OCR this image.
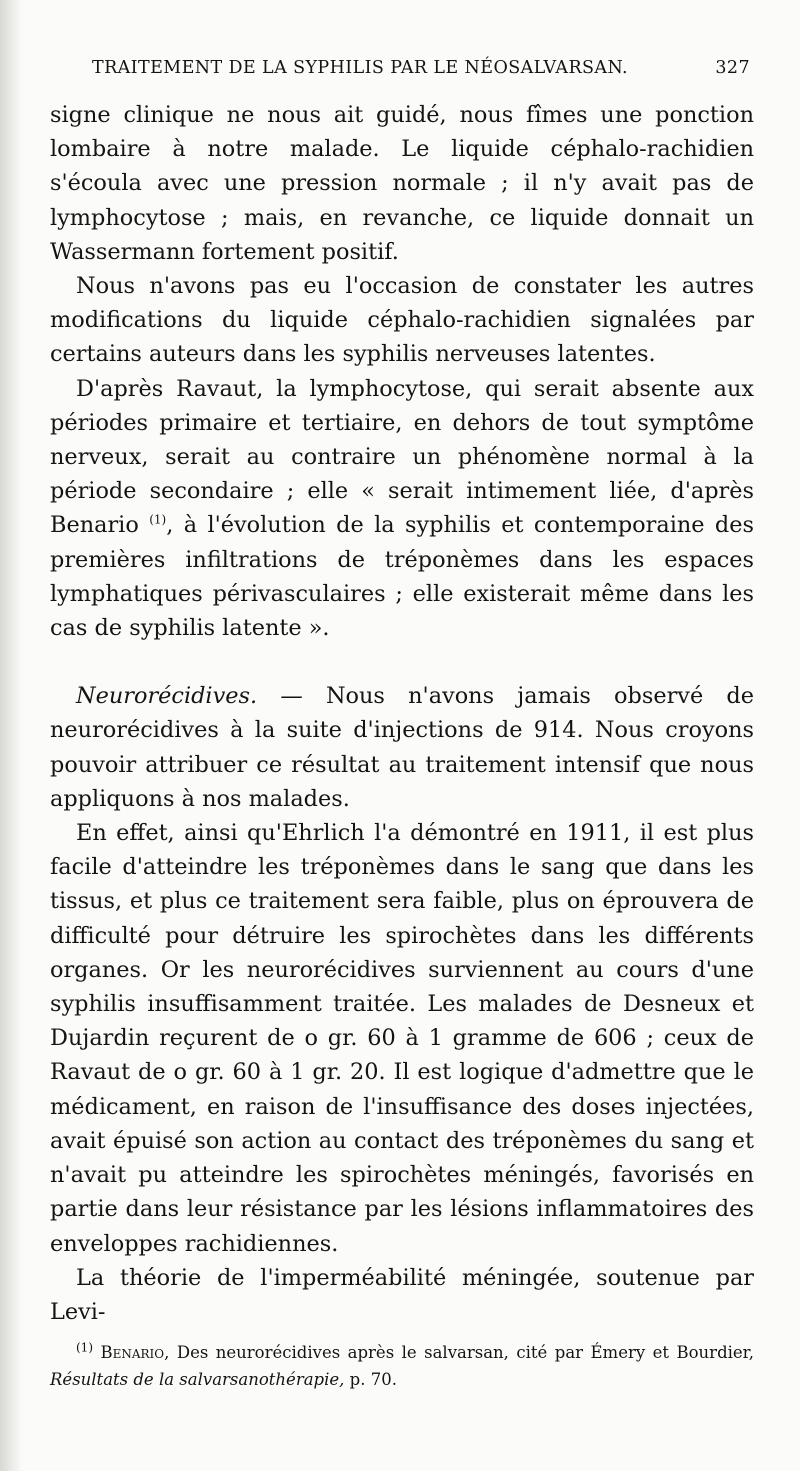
TRAITEMENT DE LA SYPHILIS PAR LE NÉOSALVARSAN.	327

signe clinique ne nous ait guidé, nous fîmes une ponction lombaire à notre malade. Le liquide céphalo-rachidien s'écoula avec une pression normale ; il n'y avait pas de lymphocytose ; mais, en revanche, ce liquide donnait un Wassermann fortement positif.

Nous n'avons pas eu l'occasion de constater les autres modifications du liquide céphalo-rachidien signalées par certains auteurs dans les syphilis nerveuses latentes.

D'après Ravaut, la lymphocytose, qui serait absente aux périodes primaire et tertiaire, en dehors de tout symptôme nerveux, serait au contraire un phénomène normal à la période secondaire ; elle « serait intimement liée, d'après Benario $^{(1)}$, à l'évolution de la syphilis et contemporaine des premières infiltrations de tréponèmes dans les espaces lymphatiques périvasculaires ; elle existerait même dans les cas de syphilis latente ».

Neurorécidives. — Nous n'avons jamais observé de neurorécidives à la suite d'injections de 914. Nous croyons pouvoir attribuer ce résultat au traitement intensif que nous appliquons à nos malades.

En effet, ainsi qu'Ehrlich l'a démontré en 1911, il est plus facile d'atteindre les tréponèmes dans le sang que dans les tissus, et plus ce traitement sera faible, plus on éprouvera de difficulté pour détruire les spirochètes dans les différents organes. Or les neurorécidives surviennent au cours d'une syphilis insuffisamment traitée. Les malades de Desneux et Dujardin reçurent de o gr. 60 à 1 gramme de 606 ; ceux de Ravaut de o gr. 60 à 1 gr. 20. Il est logique d'admettre que le médicament, en raison de l'insuffisance des doses injectées, avait épuisé son action au contact des tréponèmes du sang et n'avait pu atteindre les spirochètes méningés, favorisés en partie dans leur résistance par les lésions inflammatoires des enveloppes rachidiennes.

La théorie de l'imperméabilité méningée, soutenue par Levi-

$^{(1)}$ Benario, Des neurorécidives après le salvarsan, cité par Émery et Bourdier, Résultats de la salvarsanothérapie, p. 70.
